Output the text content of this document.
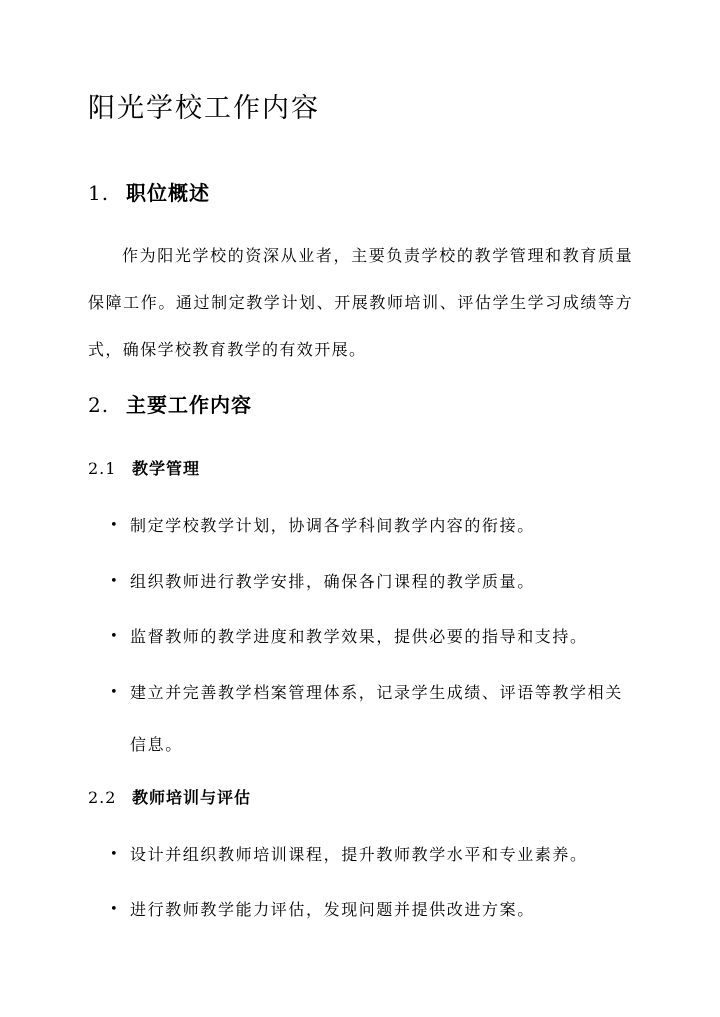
阳光学校工作内容
1. 职位概述

作为阳光学校的资深从业者，主要负责学校的教学管理和教育质量保障工作。通过制定教学计划、开展教师培训、评估学生学习成绩等方式，确保学校教育教学的有效开展。

2. 主要工作内容
2.1 教学管理
• 制定学校教学计划，协调各学科间教学内容的衔接。
• 组织教师进行教学安排，确保各门课程的教学质量。
• 监督教师的教学进度和教学效果，提供必要的指导和支持。
• 建立并完善教学档案管理体系，记录学生成绩、评语等教学相关信息。
2.2 教师培训与评估
• 设计并组织教师培训课程，提升教师教学水平和专业素养。
• 进行教师教学能力评估，发现问题并提供改进方案。
